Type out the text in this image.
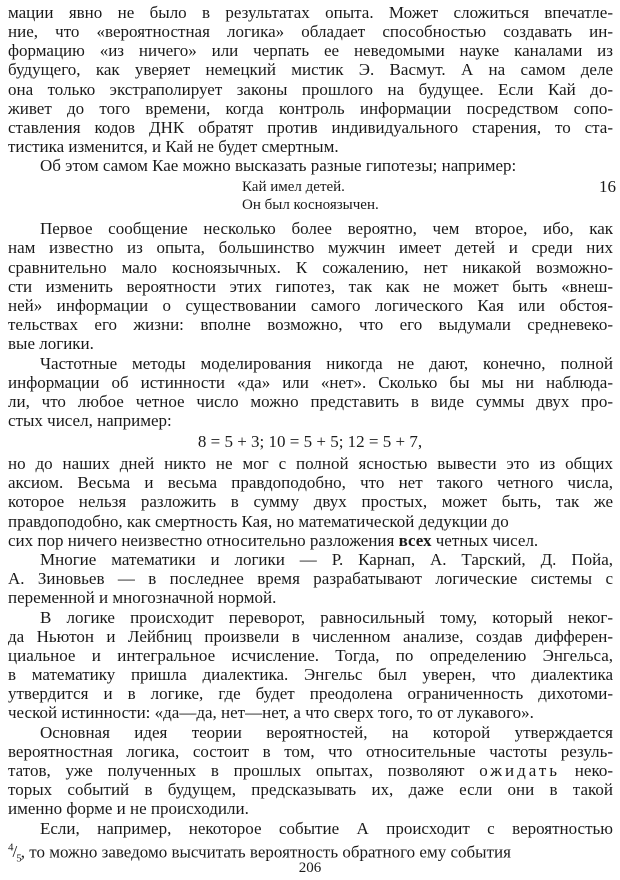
206
мации явно не было в результатах опыта. Может сложиться впечатле-
ние, что «вероятностная логика» обладает способностью создавать ин-
формацию «из ничего» или черпать ее неведомыми науке каналами из
будущего, как уверяет немецкий мистик Э. Васмут. А на самом деле
она только экстраполирует законы прошлого на будущее. Если Кай до-
живет до того времени, когда контроль информации посредством сопо-
ставления кодов ДНК обратят против индивидуального старения, то ста-
тистика изменится, и Кай не будет смертным.
Об этом самом Кае можно высказать разные гипотезы; например:
Кай имел детей.	16
Он был косноязычен.
Первое сообщение несколько более вероятно, чем второе, ибо, как
нам известно из опыта, большинство мужчин имеет детей и среди них
сравнительно мало косноязычных. К сожалению, нет никакой возможно-
сти изменить вероятности этих гипотез, так как не может быть «внеш-
ней» информации о существовании самого логического Кая или обстоя-
тельствах его жизни: вполне возможно, что его выдумали средневеко-
вые логики.
Частотные методы моделирования никогда не дают, конечно, полной
информации об истинности «да» или «нет». Сколько бы мы ни наблюда-
ли, что любое четное число можно представить в виде суммы двух про-
стых чисел, например:
8 = 5 + 3; 10 = 5 + 5; 12 = 5 + 7,
но до наших дней никто не мог с полной ясностью вывести это из общих
аксиом. Весьма и весьма правдоподобно, что нет такого четного числа,
которое нельзя разложить в сумму двух простых, может быть, так же
правдоподобно, как смертность Кая, но математической дедукции до
сих пор ничего неизвестно относительно разложения всех четных чисел.
Многие математики и логики — Р. Карнап, А. Тарский, Д. Пойа,
А. Зиновьев — в последнее время разрабатывают логические системы с
переменной и многозначной нормой.
В логике происходит переворот, равносильный тому, который неког-
да Ньютон и Лейбниц произвели в численном анализе, создав дифферен-
циальное и интегральное исчисление. Тогда, по определению Энгельса,
в математику пришла диалектика. Энгельс был уверен, что диалектика
утвердится и в логике, где будет преодолена ограниченность дихотоми-
ческой истинности: «да—да, нет—нет, а что сверх того, то от лукавого».
Основная идея теории вероятностей, на которой утверждается
вероятностная логика, состоит в том, что относительные частоты резуль-
татов, уже полученных в прошлых опытах, позволяют ожидать неко-
торых событий в будущем, предсказывать их, даже если они в такой
именно форме и не происходили.
Если, например, некоторое событие А происходит с вероятностью
$^4/_5$, то можно заведомо высчитать вероятность обратного ему события
